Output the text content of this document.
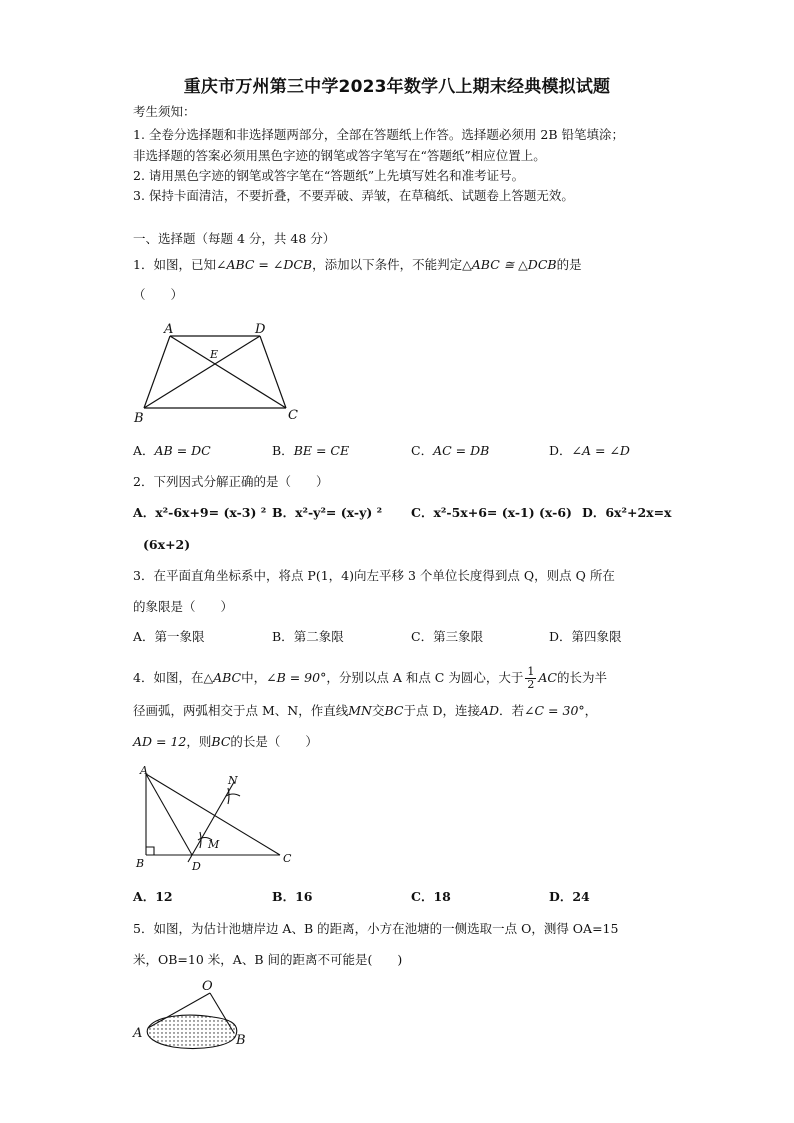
重庆市万州第三中学2023年数学八上期末经典模拟试题
考生须知：
1. 全卷分选择题和非选择题两部分，全部在答题纸上作答。选择题必须用 2B 铅笔填涂；
非选择题的答案必须用黑色字迹的钢笔或答字笔写在“答题纸”相应位置上。
2. 请用黑色字迹的钢笔或答字笔在“答题纸”上先填写姓名和准考证号。
3. 保持卡面清洁，不要折叠，不要弄破、弄皱，在草稿纸、试题卷上答题无效。
一、选择题（每题 4 分，共 48 分）
1．如图，已知∠ABC = ∠DCB，添加以下条件，不能判定△ABC ≅ △DCB的是
（　　）
A	D
E
B	C
A．AB = DC	B．BE = CE	C．AC = DB	D．∠A = ∠D
2．下列因式分解正确的是（　　）
A．x²-6x+9= (x-3) ² B．x²-y²= (x-y) ² C．x²-5x+6= (x-1) (x-6) D．6x²+2x=x
(6x+2)
3．在平面直角坐标系中，将点 P(1，4)向左平移 3 个单位长度得到点 Q，则点 Q 所在
的象限是（　　）
A．第一象限	B．第二象限	C．第三象限	D．第四象限
4．如图，在△ABC中，∠B = 90°，分别以点 A 和点 C 为圆心，大于 $\frac{1}{2}$ AC的长为半
径画弧，两弧相交于点 M、N，作直线MN交BC于点 D，连接AD．若∠C = 30°，
AD = 12，则BC的长是（　　）
A
N
M
B	D
C
A．12	B．16	C．18	D．24
5．如图，为估计池塘岸边 A、B 的距离，小方在池塘的一侧选取一点 O，测得 OA=15
米，OB=10 米，A、B 间的距离不可能是(　　)
O
A	B
